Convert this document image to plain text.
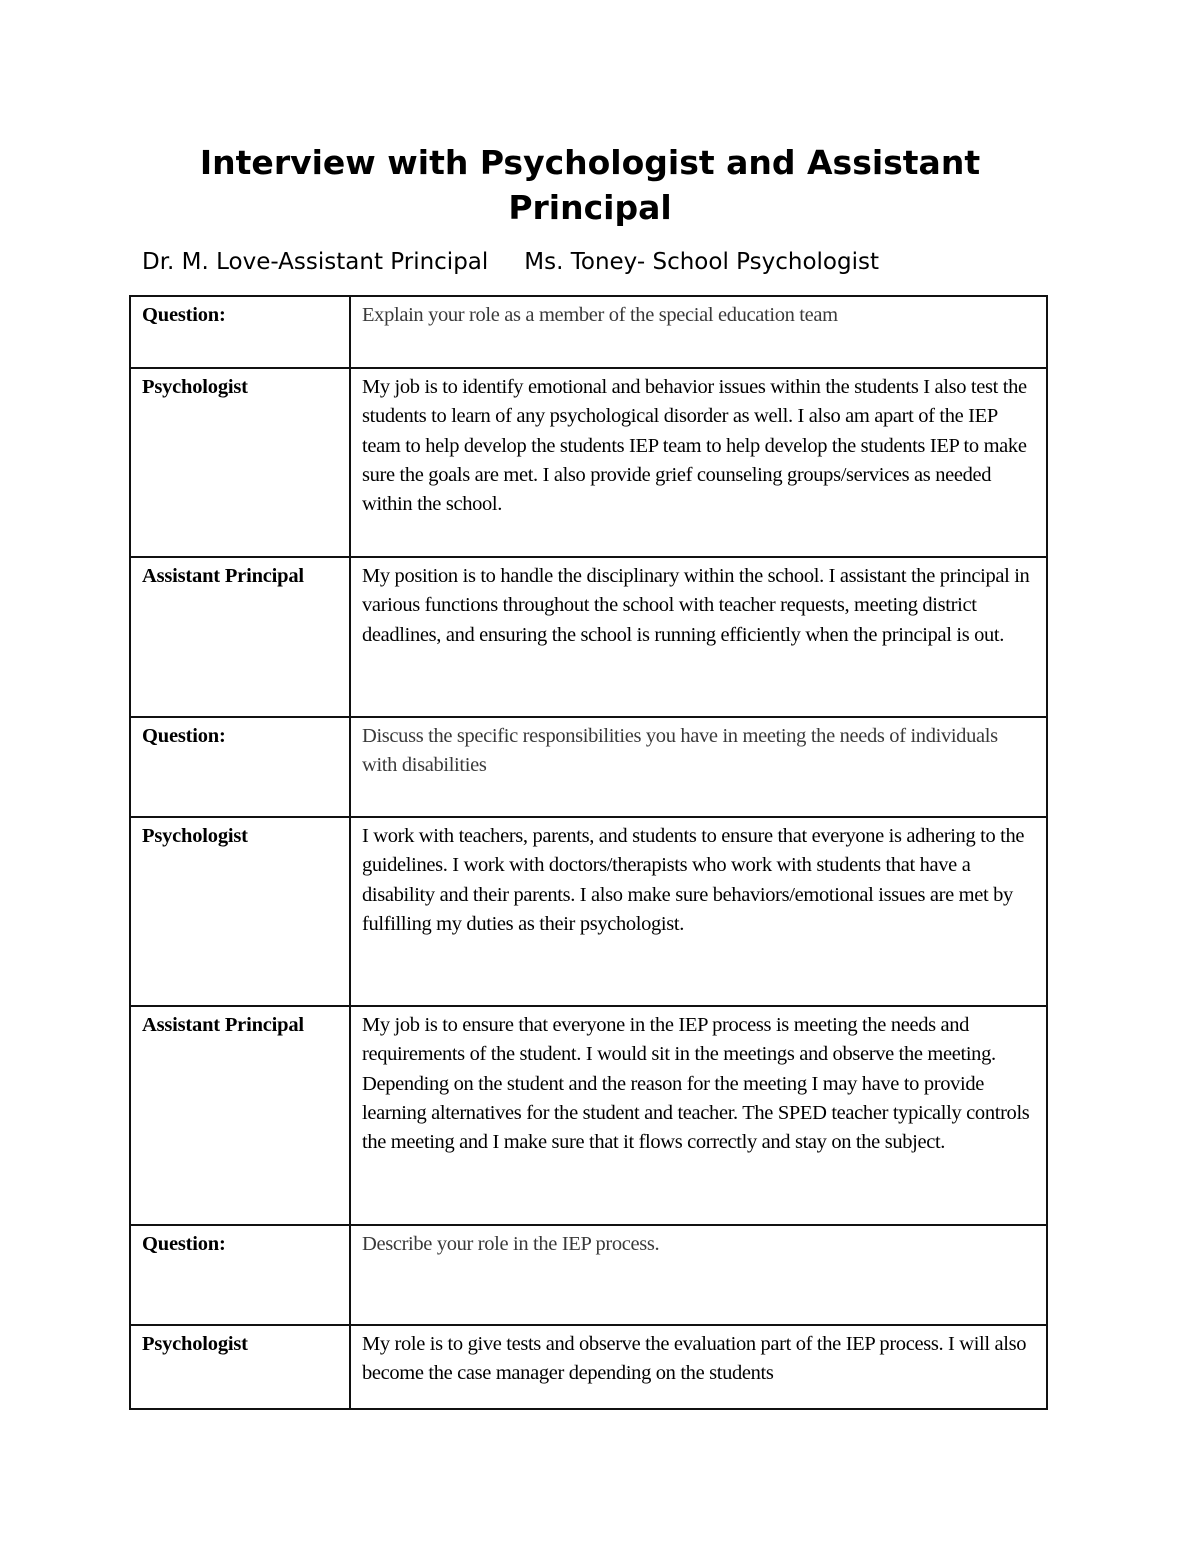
Interview with Psychologist and Assistant Principal

Dr. M. Love-Assistant Principal Ms. Toney- School Psychologist

Question:	Explain your role as a member of the special education team
Psychologist	My job is to identify emotional and behavior issues within the students I also test the students to learn of any psychological disorder as well. I also am apart of the IEP team to help develop the students IEP team to help develop the students IEP to make sure the goals are met. I also provide grief counseling groups/services as needed within the school.
Assistant Principal	My position is to handle the disciplinary within the school. I assistant the principal in various functions throughout the school with teacher requests, meeting district deadlines, and ensuring the school is running efficiently when the principal is out.
Question:	Discuss the specific responsibilities you have in meeting the needs of individuals with disabilities
Psychologist	I work with teachers, parents, and students to ensure that everyone is adhering to the guidelines. I work with doctors/therapists who work with students that have a disability and their parents. I also make sure behaviors/emotional issues are met by fulfilling my duties as their psychologist.
Assistant Principal	My job is to ensure that everyone in the IEP process is meeting the needs and requirements of the student. I would sit in the meetings and observe the meeting. Depending on the student and the reason for the meeting I may have to provide learning alternatives for the student and teacher. The SPED teacher typically controls the meeting and I make sure that it flows correctly and stay on the subject.
Question:	Describe your role in the IEP process.
Psychologist	My role is to give tests and observe the evaluation part of the IEP process. I will also become the case manager depending on the students
